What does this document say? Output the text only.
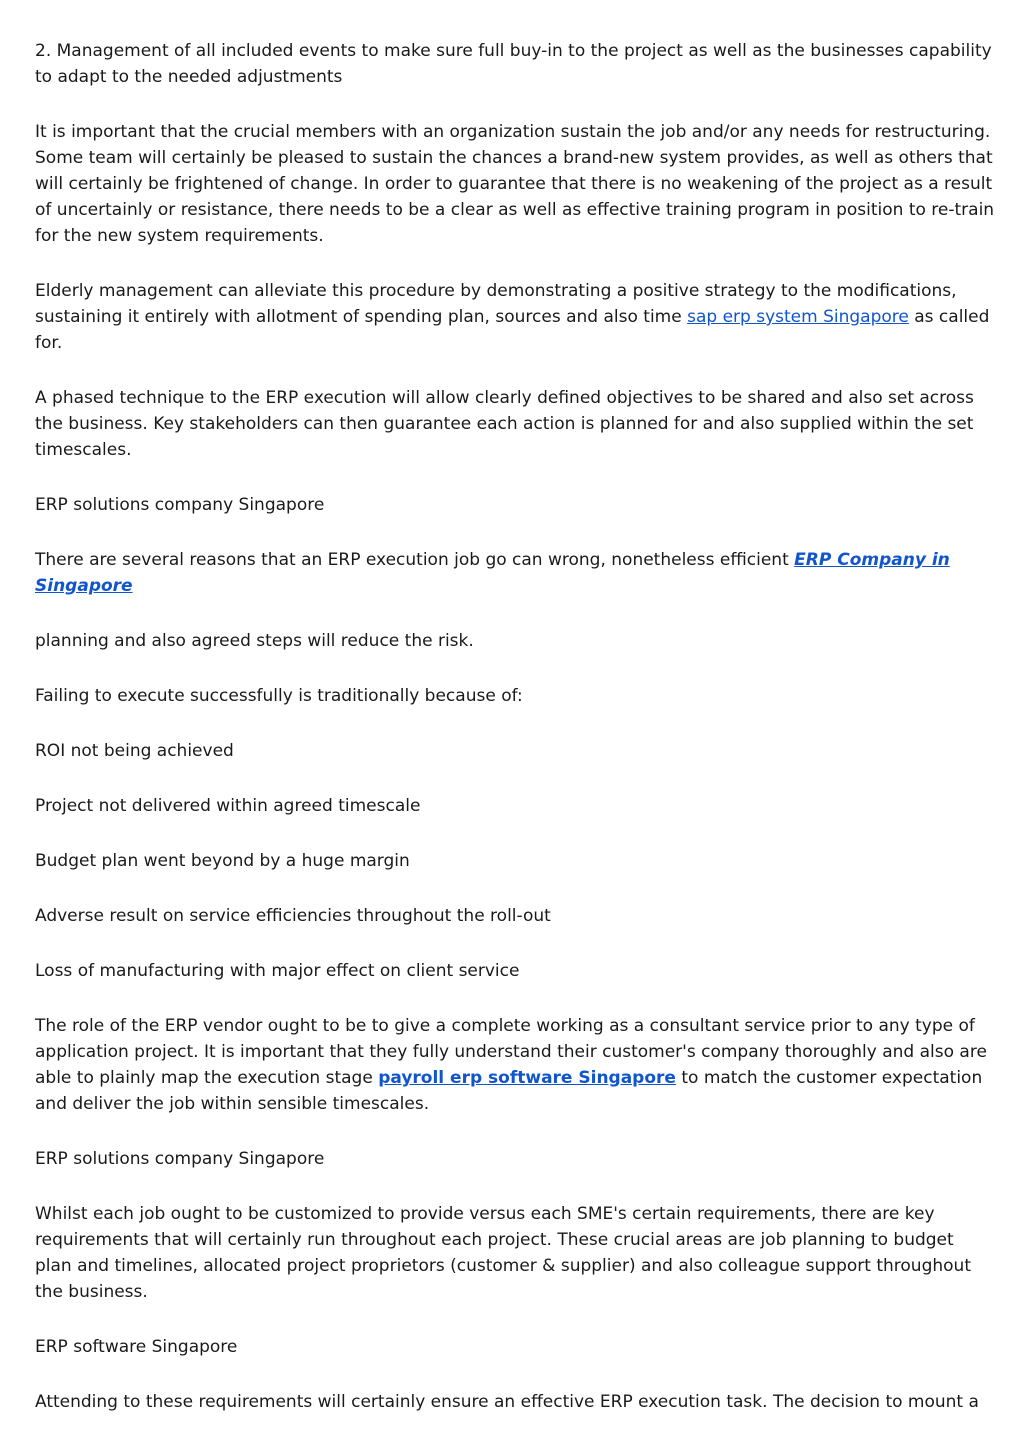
2. Management of all included events to make sure full buy-in to the project as well as the businesses capability to adapt to the needed adjustments

It is important that the crucial members with an organization sustain the job and/or any needs for restructuring. Some team will certainly be pleased to sustain the chances a brand-new system provides, as well as others that will certainly be frightened of change. In order to guarantee that there is no weakening of the project as a result of uncertainly or resistance, there needs to be a clear as well as effective training program in position to re-train for the new system requirements.

Elderly management can alleviate this procedure by demonstrating a positive strategy to the modifications, sustaining it entirely with allotment of spending plan, sources and also time sap erp system Singapore as called for.

A phased technique to the ERP execution will allow clearly defined objectives to be shared and also set across the business. Key stakeholders can then guarantee each action is planned for and also supplied within the set timescales.

ERP solutions company Singapore

There are several reasons that an ERP execution job go can wrong, nonetheless efficient ERP Company in Singapore

planning and also agreed steps will reduce the risk.

Failing to execute successfully is traditionally because of:

ROI not being achieved

Project not delivered within agreed timescale

Budget plan went beyond by a huge margin

Adverse result on service efficiencies throughout the roll-out

Loss of manufacturing with major effect on client service

The role of the ERP vendor ought to be to give a complete working as a consultant service prior to any type of application project. It is important that they fully understand their customer's company thoroughly and also are able to plainly map the execution stage payroll erp software Singapore to match the customer expectation and deliver the job within sensible timescales.

ERP solutions company Singapore

Whilst each job ought to be customized to provide versus each SME's certain requirements, there are key requirements that will certainly run throughout each project. These crucial areas are job planning to budget plan and timelines, allocated project proprietors (customer & supplier) and also colleague support throughout the business.

ERP software Singapore

Attending to these requirements will certainly ensure an effective ERP execution task. The decision to mount a
